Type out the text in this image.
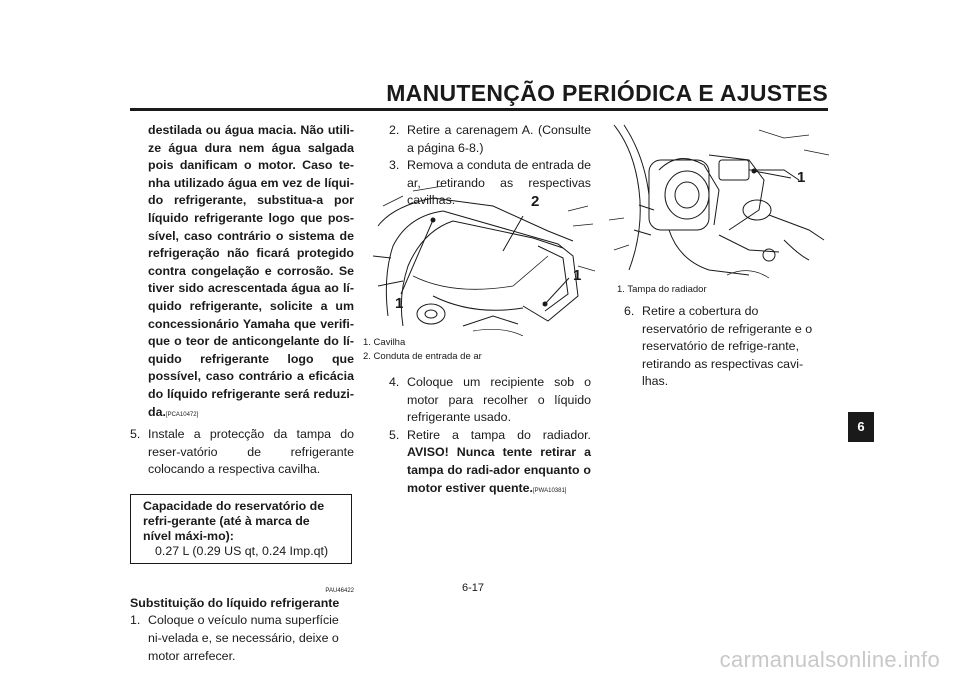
MANUTENÇÃO PERIÓDICA E AJUSTES
destilada ou água macia. Não utili-ze água dura nem água salgada pois danificam o motor. Caso te-nha utilizado água em vez de líqui-do refrigerante, substitua-a por líquido refrigerante logo que pos-sível, caso contrário o sistema de refrigeração não ficará protegido contra congelação e corrosão. Se tiver sido acrescentada água ao lí-quido refrigerante, solicite a um concessionário Yamaha que verifi-que o teor de anticongelante do lí-quido refrigerante logo que possível, caso contrário a eficácia do líquido refrigerante será reduzi-da.[PCA10472]
5. Instale a protecção da tampa do reser-vatório de refrigerante colocando a respectiva cavilha.
Capacidade do reservatório de refri-gerante (até à marca de nível máxi-mo):
0.27 L (0.29 US qt, 0.24 Imp.qt)
PAU46422
Substituição do líquido refrigerante
1. Coloque o veículo numa superfície ni-velada e, se necessário, deixe o motor arrefecer.
2. Retire a carenagem A. (Consulte a página 6-8.)
3. Remova a conduta de entrada de ar, retirando as respectivas cavilhas.
1
1
2
1. Cavilha
2. Conduta de entrada de ar
4. Coloque um recipiente sob o motor para recolher o líquido refrigerante usado.
5. Retire a tampa do radiador. AVISO! Nunca tente retirar a tampa do radi-ador enquanto o motor estiver quente.[PWA10381]
1
1. Tampa do radiador
6. Retire a cobertura do reservatório de refrigerante e o reservatório de refrige-rante, retirando as respectivas cavi-lhas.
6
6-17
carmanualsonline.info
